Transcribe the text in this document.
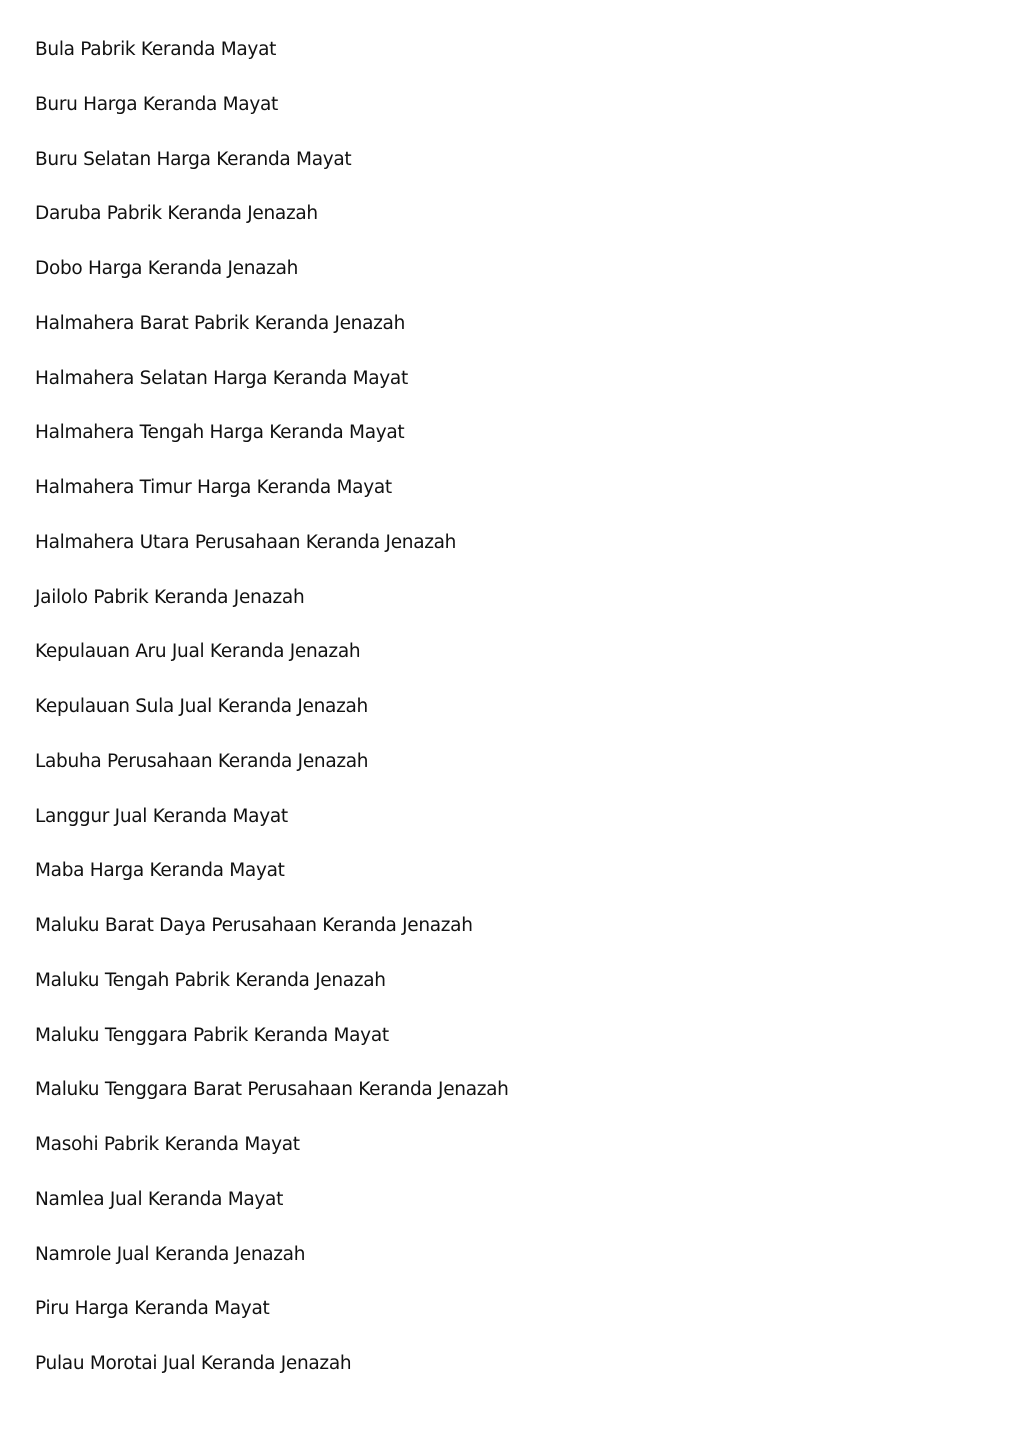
Bula Pabrik Keranda Mayat
Buru Harga Keranda Mayat
Buru Selatan Harga Keranda Mayat
Daruba Pabrik Keranda Jenazah
Dobo Harga Keranda Jenazah
Halmahera Barat Pabrik Keranda Jenazah
Halmahera Selatan Harga Keranda Mayat
Halmahera Tengah Harga Keranda Mayat
Halmahera Timur Harga Keranda Mayat
Halmahera Utara Perusahaan Keranda Jenazah
Jailolo Pabrik Keranda Jenazah
Kepulauan Aru Jual Keranda Jenazah
Kepulauan Sula Jual Keranda Jenazah
Labuha Perusahaan Keranda Jenazah
Langgur Jual Keranda Mayat
Maba Harga Keranda Mayat
Maluku Barat Daya Perusahaan Keranda Jenazah
Maluku Tengah Pabrik Keranda Jenazah
Maluku Tenggara Pabrik Keranda Mayat
Maluku Tenggara Barat Perusahaan Keranda Jenazah
Masohi Pabrik Keranda Mayat
Namlea Jual Keranda Mayat
Namrole Jual Keranda Jenazah
Piru Harga Keranda Mayat
Pulau Morotai Jual Keranda Jenazah
